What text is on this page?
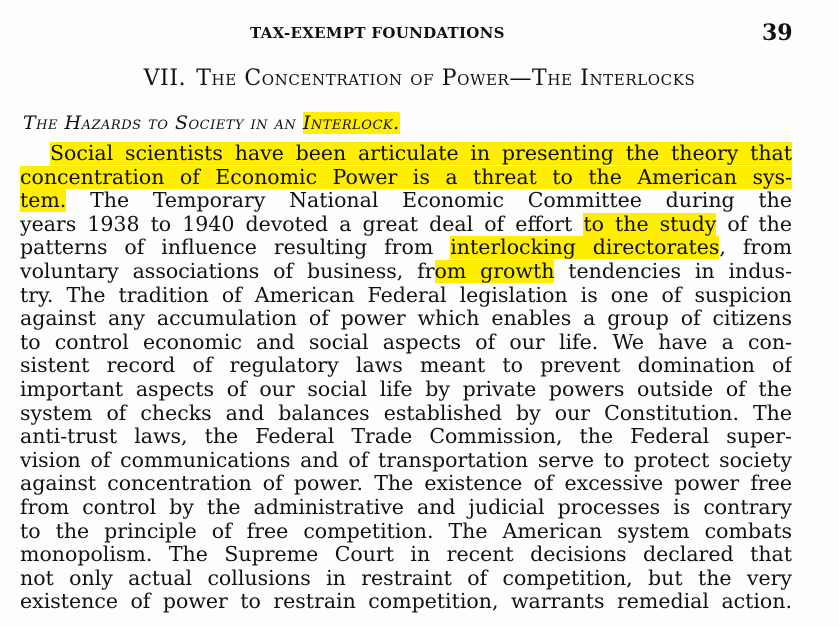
TAX-EXEMPT FOUNDATIONS	39
VII. The Concentration of Power—The Interlocks
The Hazards to Society in an Interlock.
Social scientists have been articulate in presenting the theory that
concentration of Economic Power is a threat to the American sys-
tem. The Temporary National Economic Committee during the
years 1938 to 1940 devoted a great deal of effort to the study of the
patterns of influence resulting from interlocking directorates, from
voluntary associations of business, from growth tendencies in indus-
try. The tradition of American Federal legislation is one of suspicion
against any accumulation of power which enables a group of citizens
to control economic and social aspects of our life. We have a con-
sistent record of regulatory laws meant to prevent domination of
important aspects of our social life by private powers outside of the
system of checks and balances established by our Constitution. The
anti-trust laws, the Federal Trade Commission, the Federal super-
vision of communications and of transportation serve to protect society
against concentration of power. The existence of excessive power free
from control by the administrative and judicial processes is contrary
to the principle of free competition. The American system combats
monopolism. The Supreme Court in recent decisions declared that
not only actual collusions in restraint of competition, but the very
existence of power to restrain competition, warrants remedial action.
